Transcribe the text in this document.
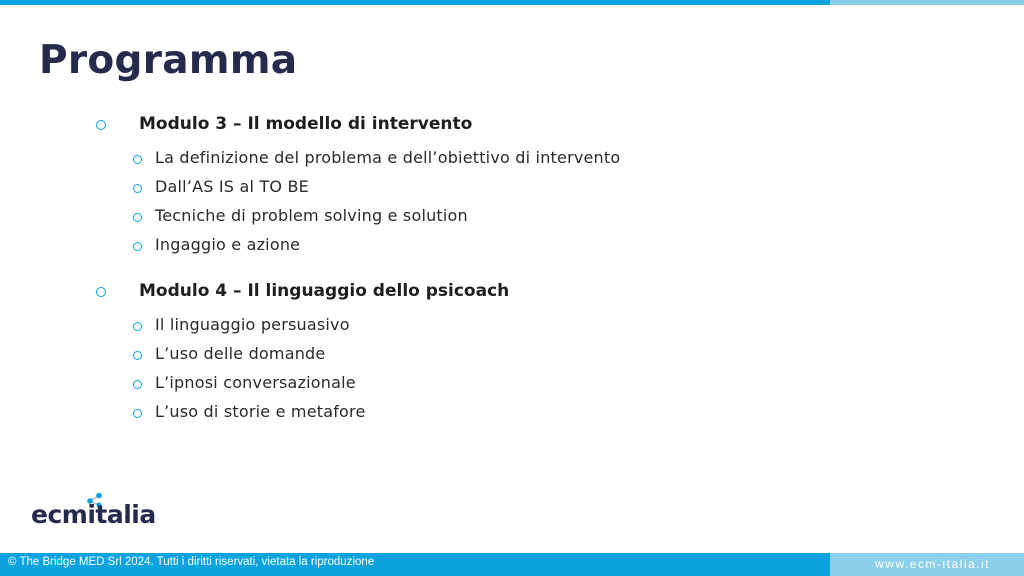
Programma

Modulo 3 – Il modello di intervento

La definizione del problema e dell’obiettivo di intervento

Dall’AS IS al TO BE

Tecniche di problem solving e solution

Ingaggio e azione

Modulo 4 – Il linguaggio dello psicoach

Il linguaggio persuasivo

L’uso delle domande

L’ipnosi conversazionale

L’uso di storie e metafore

ecmitalia

© The Bridge MED Srl 2024. Tutti i diritti riservati, vietata la riproduzione	www.ecm-italia.it
